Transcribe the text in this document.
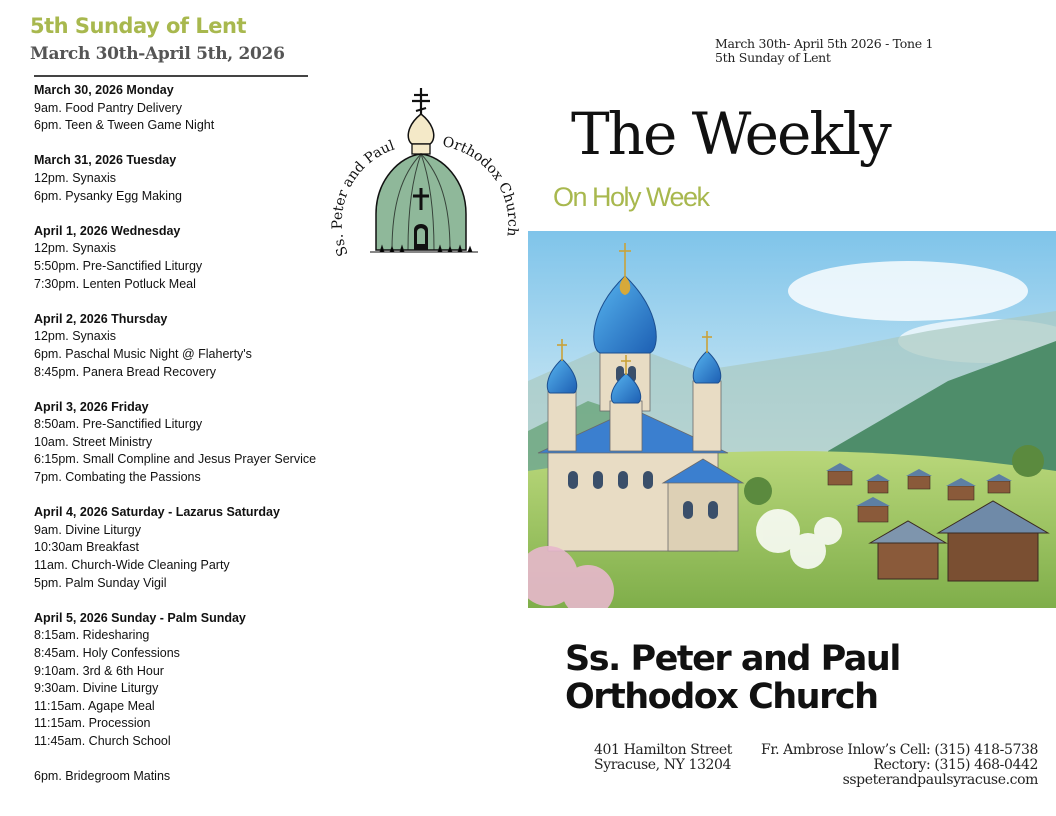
5th Sunday of Lent
March 30th-April 5th, 2026
March 30, 2026 Monday
9am. Food Pantry Delivery
6pm. Teen & Tween Game Night
March 31, 2026 Tuesday
12pm. Synaxis
6pm. Pysanky Egg Making
April 1, 2026 Wednesday
12pm. Synaxis
5:50pm. Pre-Sanctified Liturgy
7:30pm. Lenten Potluck Meal
April 2, 2026 Thursday
12pm. Synaxis
6pm. Paschal Music Night @ Flaherty's
8:45pm. Panera Bread Recovery
April 3, 2026 Friday
8:50am. Pre-Sanctified Liturgy
10am. Street Ministry
6:15pm. Small Compline and Jesus Prayer Service
7pm. Combating the Passions
April 4, 2026 Saturday - Lazarus Saturday
9am. Divine Liturgy
10:30am Breakfast
11am. Church-Wide Cleaning Party
5pm. Palm Sunday Vigil
April 5, 2026 Sunday - Palm Sunday
8:15am. Ridesharing
8:45am. Holy Confessions
9:10am. 3rd & 6th Hour
9:30am. Divine Liturgy
11:15am. Agape Meal
11:15am. Procession
11:45am. Church School
6pm. Bridegroom Matins
Ss. Peter and Paul	Orthodox Church
March 30th- April 5th 2026 - Tone 1
5th Sunday of Lent
The Weekly
On Holy Week
Ss. Peter and Paul
Orthodox Church
401 Hamilton Street
Syracuse, NY 13204
Fr. Ambrose Inlow’s Cell: (315) 418-5738
Rectory: (315) 468-0442
sspeterandpaulsyracuse.com
